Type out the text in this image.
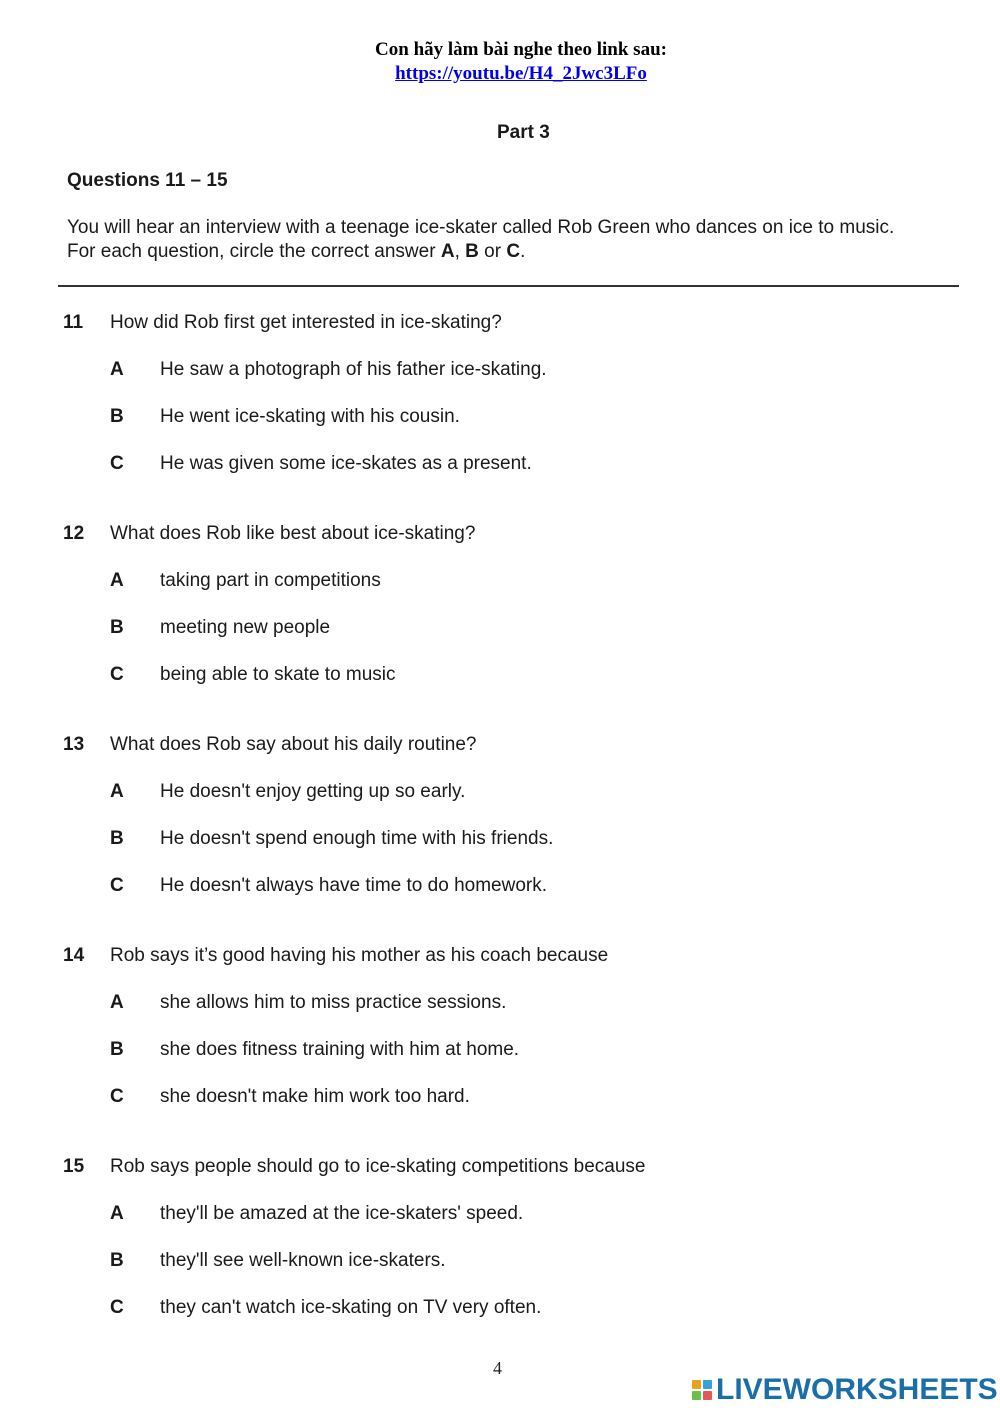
Con hãy làm bài nghe theo link sau:
https://youtu.be/H4_2Jwc3LFo
Part 3
Questions 11 – 15
You will hear an interview with a teenage ice-skater called Rob Green who dances on ice to music.
For each question, circle the correct answer A, B or C.
11 How did Rob first get interested in ice-skating?
A He saw a photograph of his father ice-skating.
B He went ice-skating with his cousin.
C He was given some ice-skates as a present.
12 What does Rob like best about ice-skating?
A taking part in competitions
B meeting new people
C being able to skate to music
13 What does Rob say about his daily routine?
A He doesn't enjoy getting up so early.
B He doesn't spend enough time with his friends.
C He doesn't always have time to do homework.
14 Rob says it’s good having his mother as his coach because
A she allows him to miss practice sessions.
B she does fitness training with him at home.
C she doesn't make him work too hard.
15 Rob says people should go to ice-skating competitions because
A they'll be amazed at the ice-skaters' speed.
B they'll see well-known ice-skaters.
C they can't watch ice-skating on TV very often.
4
LIVEWORKSHEETS
